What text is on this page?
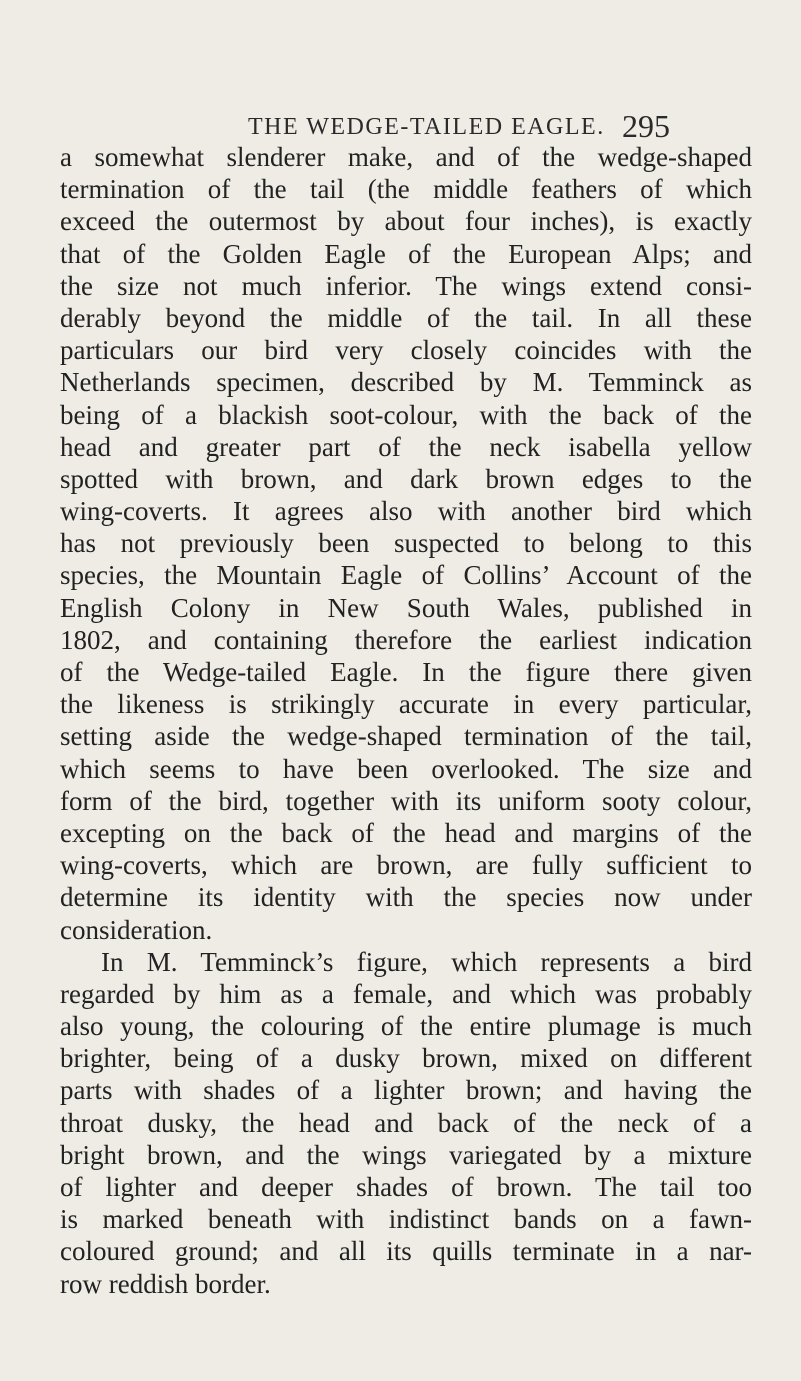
THE WEDGE-TAILED EAGLE. 295
a somewhat slenderer make, and of the wedge-shaped
termination of the tail (the middle feathers of which
exceed the outermost by about four inches), is exactly
that of the Golden Eagle of the European Alps; and
the size not much inferior. The wings extend consi-
derably beyond the middle of the tail. In all these
particulars our bird very closely coincides with the
Netherlands specimen, described by M. Temminck as
being of a blackish soot-colour, with the back of the
head and greater part of the neck isabella yellow
spotted with brown, and dark brown edges to the
wing-coverts. It agrees also with another bird which
has not previously been suspected to belong to this
species, the Mountain Eagle of Collins’ Account of the
English Colony in New South Wales, published in
1802, and containing therefore the earliest indication
of the Wedge-tailed Eagle. In the figure there given
the likeness is strikingly accurate in every particular,
setting aside the wedge-shaped termination of the tail,
which seems to have been overlooked. The size and
form of the bird, together with its uniform sooty colour,
excepting on the back of the head and margins of the
wing-coverts, which are brown, are fully sufficient to
determine its identity with the species now under
consideration.
In M. Temminck’s figure, which represents a bird
regarded by him as a female, and which was probably
also young, the colouring of the entire plumage is much
brighter, being of a dusky brown, mixed on different
parts with shades of a lighter brown; and having the
throat dusky, the head and back of the neck of a
bright brown, and the wings variegated by a mixture
of lighter and deeper shades of brown. The tail too
is marked beneath with indistinct bands on a fawn-
coloured ground; and all its quills terminate in a nar-
row reddish border.
